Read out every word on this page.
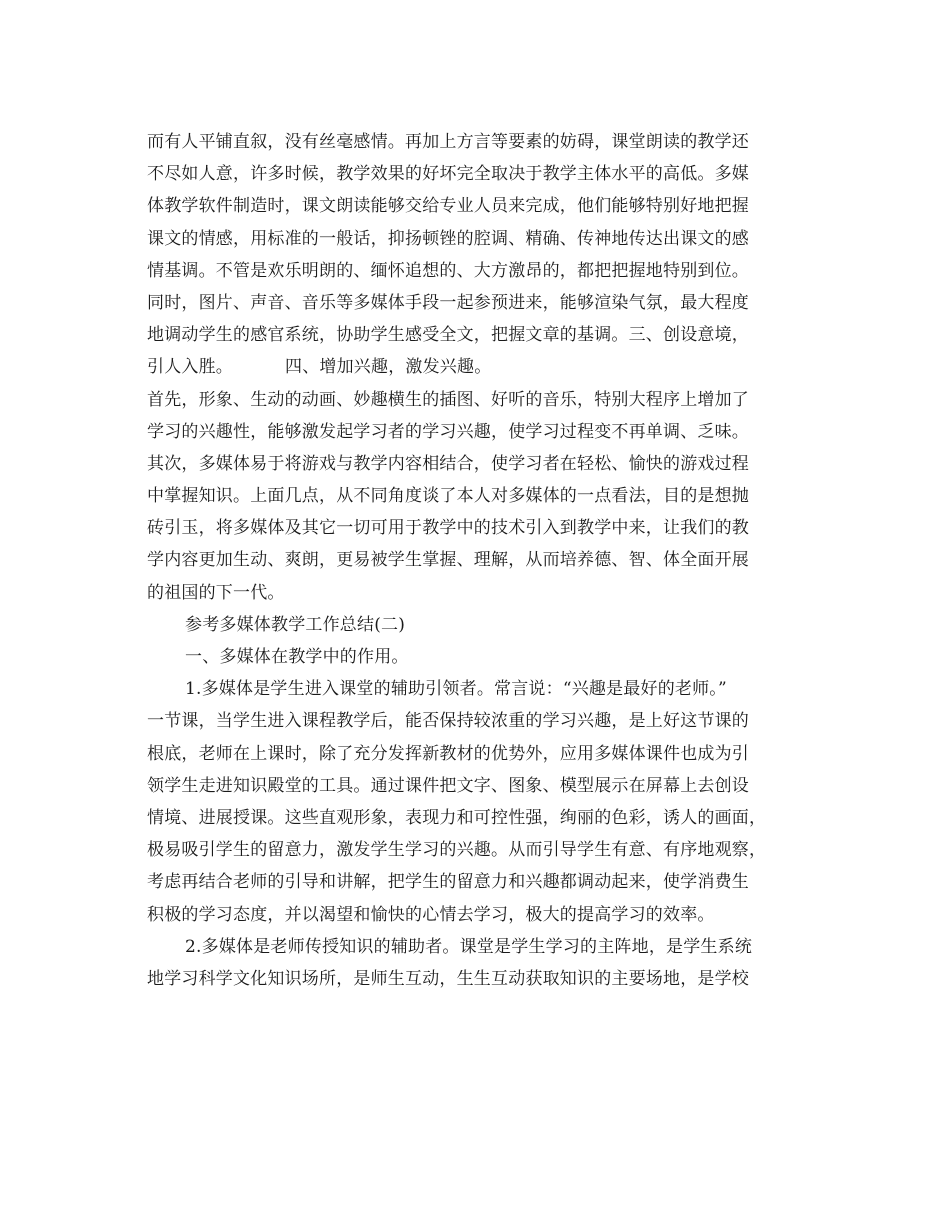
而有人平铺直叙，没有丝毫感情。再加上方言等要素的妨碍，课堂朗读的教学还
不尽如人意，许多时候，教学效果的好坏完全取决于教学主体水平的高低。多媒
体教学软件制造时，课文朗读能够交给专业人员来完成，他们能够特别好地把握
课文的情感，用标准的一般话，抑扬顿锉的腔调、精确、传神地传达出课文的感
情基调。不管是欢乐明朗的、缅怀追想的、大方激昂的，都把把握地特别到位。
同时，图片、声音、音乐等多媒体手段一起参预进来，能够渲染气氛，最大程度
地调动学生的感官系统，协助学生感受全文，把握文章的基调。三、创设意境，
引人入胜。	四、增加兴趣，激发兴趣。
首先，形象、生动的动画、妙趣横生的插图、好听的音乐，特别大程序上增加了
学习的兴趣性，能够激发起学习者的学习兴趣，使学习过程变不再单调、乏味。
其次，多媒体易于将游戏与教学内容相结合，使学习者在轻松、愉快的游戏过程
中掌握知识。上面几点，从不同角度谈了本人对多媒体的一点看法，目的是想抛
砖引玉，将多媒体及其它一切可用于教学中的技术引入到教学中来，让我们的教
学内容更加生动、爽朗，更易被学生掌握、理解，从而培养德、智、体全面开展
的祖国的下一代。
参考多媒体教学工作总结(二)
一、多媒体在教学中的作用。
1.多媒体是学生进入课堂的辅助引领者。常言说：“兴趣是最好的老师。”
一节课，当学生进入课程教学后，能否保持较浓重的学习兴趣，是上好这节课的
根底，老师在上课时，除了充分发挥新教材的优势外，应用多媒体课件也成为引
领学生走进知识殿堂的工具。通过课件把文字、图象、模型展示在屏幕上去创设
情境、进展授课。这些直观形象，表现力和可控性强，绚丽的色彩，诱人的画面，
极易吸引学生的留意力，激发学生学习的兴趣。从而引导学生有意、有序地观察，
考虑再结合老师的引导和讲解，把学生的留意力和兴趣都调动起来，使学消费生
积极的学习态度，并以渴望和愉快的心情去学习，极大的提高学习的效率。
2.多媒体是老师传授知识的辅助者。课堂是学生学习的主阵地，是学生系统
地学习科学文化知识场所，是师生互动，生生互动获取知识的主要场地，是学校
